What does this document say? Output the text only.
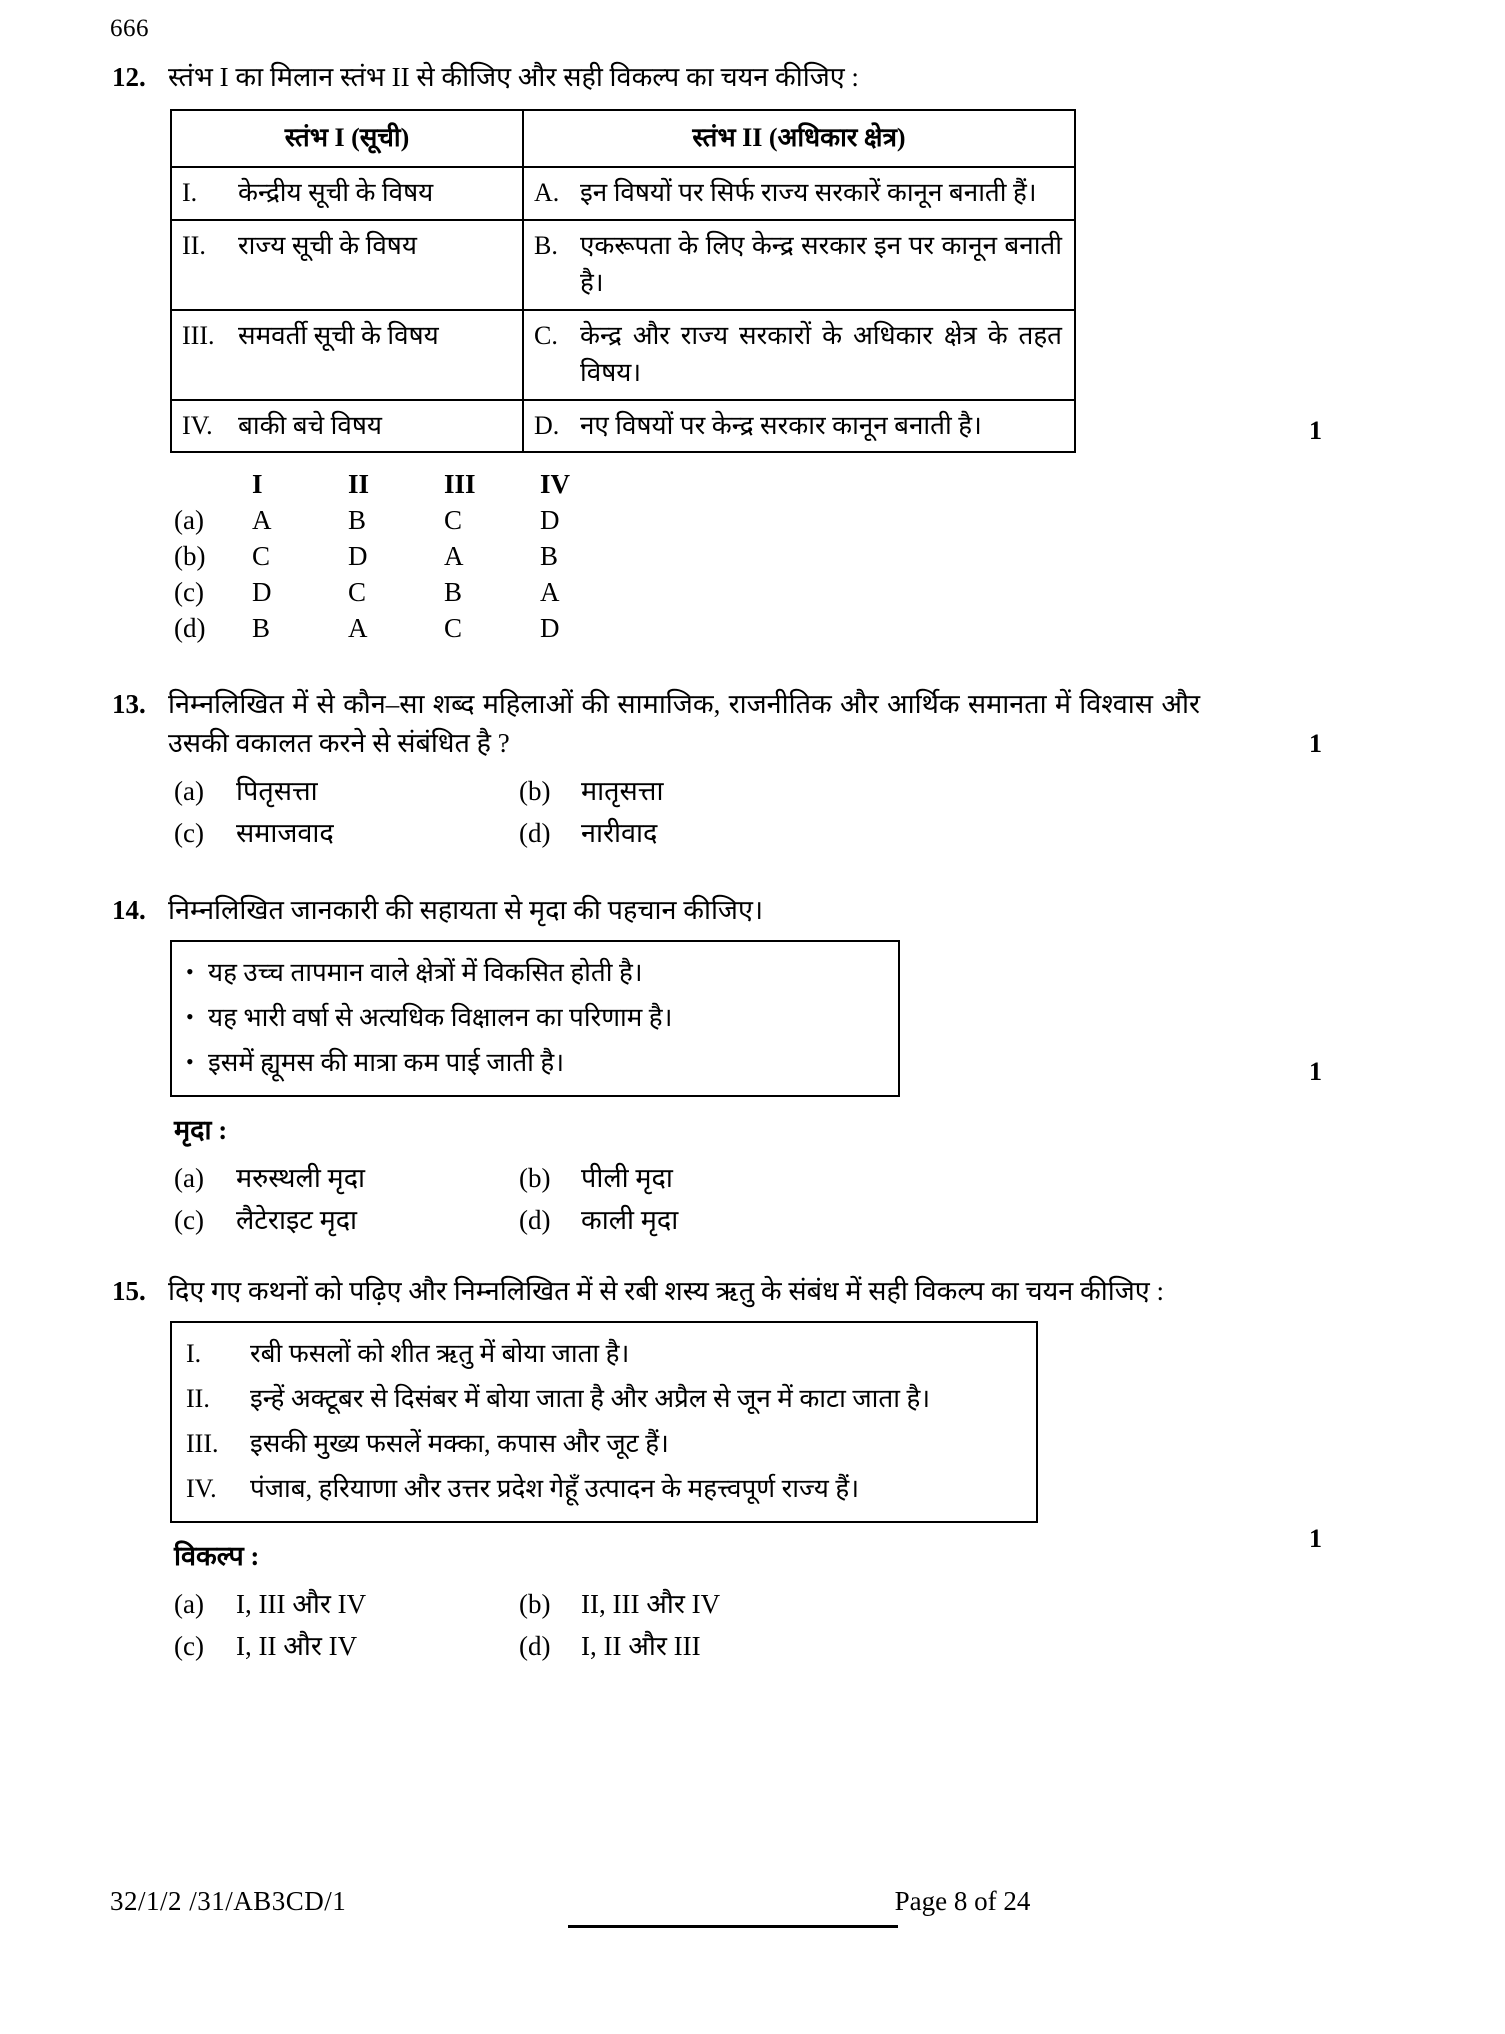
666
12. स्तंभ I का मिलान स्तंभ II से कीजिए और सही विकल्प का चयन कीजिए :
स्तंभ I (सूची)	स्तंभ II (अधिकार क्षेत्र)
I. केन्द्रीय सूची के विषय	A. इन विषयों पर सिर्फ राज्य सरकारें कानून बनाती हैं।
II. राज्य सूची के विषय	B. एकरूपता के लिए केन्द्र सरकार इन पर कानून बनाती है।
III. समवर्ती सूची के विषय	C. केन्द्र और राज्य सरकारों के अधिकार क्षेत्र के तहत विषय।
IV. बाकी बचे विषय	D. नए विषयों पर केन्द्र सरकार कानून बनाती है।
I	II	III	IV
(a)	A	B	C	D
(b)	C	D	A	B
(c)	D	C	B	A
(d)	B	A	C	D
1
13. निम्नलिखित में से कौन–सा शब्द महिलाओं की सामाजिक, राजनीतिक और आर्थिक समानता में विश्वास और उसकी वकालत करने से संबंधित है ?
(a)	पितृसत्ता	(b)	मातृसत्ता
(c)	समाजवाद	(d)	नारीवाद
1
14. निम्नलिखित जानकारी की सहायता से मृदा की पहचान कीजिए।
• यह उच्च तापमान वाले क्षेत्रों में विकसित होती है।
• यह भारी वर्षा से अत्यधिक विक्षालन का परिणाम है।
• इसमें ह्यूमस की मात्रा कम पाई जाती है।
मृदा :
(a)	मरुस्थली मृदा	(b)	पीली मृदा
(c)	लैटेराइट मृदा	(d)	काली मृदा
1
15. दिए गए कथनों को पढ़िए और निम्नलिखित में से रबी शस्य ऋतु के संबंध में सही विकल्प का चयन कीजिए :
I.	रबी फसलों को शीत ऋतु में बोया जाता है।
II.	इन्हें अक्टूबर से दिसंबर में बोया जाता है और अप्रैल से जून में काटा जाता है।
III.	इसकी मुख्य फसलें मक्का, कपास और जूट हैं।
IV.	पंजाब, हरियाणा और उत्तर प्रदेश गेहूँ उत्पादन के महत्त्वपूर्ण राज्य हैं।
विकल्प :
(a)	I, III और IV	(b)	II, III और IV
(c)	I, II और IV	(d)	I, II और III
1
32/1/2 /31/AB3CD/1	Page 8 of 24
